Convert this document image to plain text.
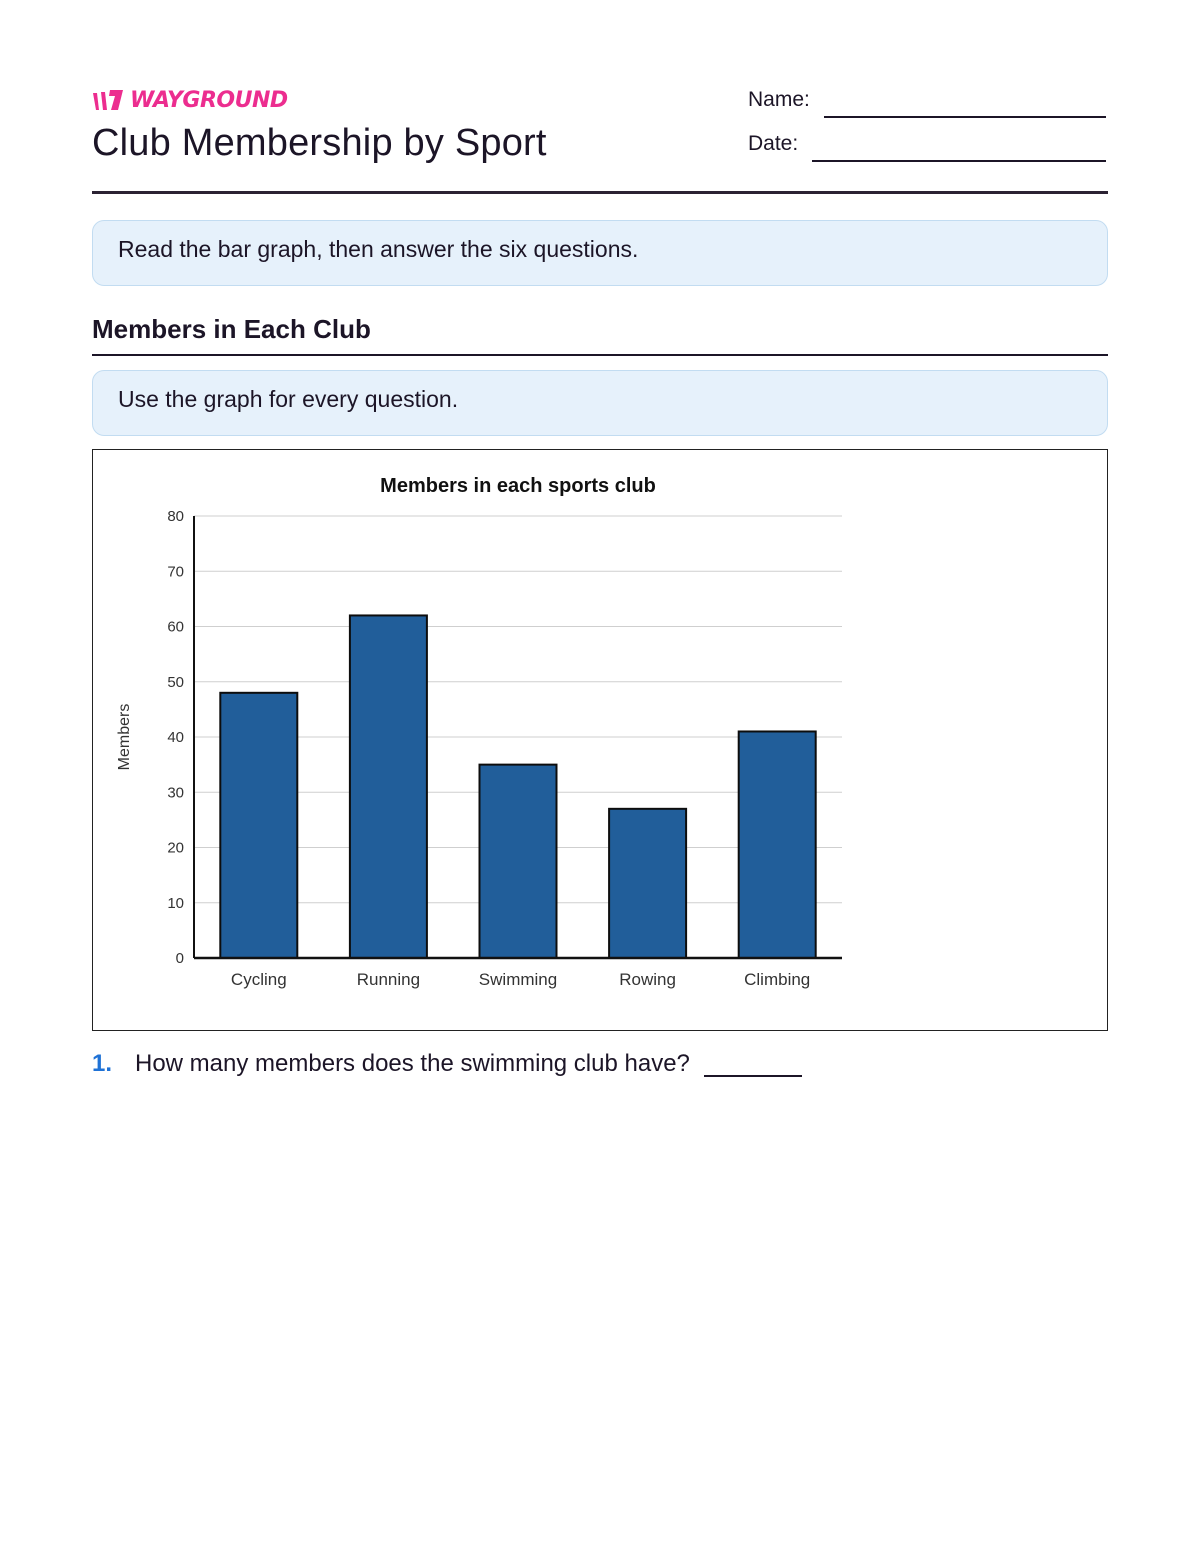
WAYGROUND
Club Membership by Sport
Name:
Date:
Read the bar graph, then answer the six questions.
Members in Each Club
Use the graph for every question.
Members in each sports club
0
10
20
30
40
50
60
70
80
Cycling	Running	Swimming	Rowing	Climbing
Members
1. How many members does the swimming club have?
